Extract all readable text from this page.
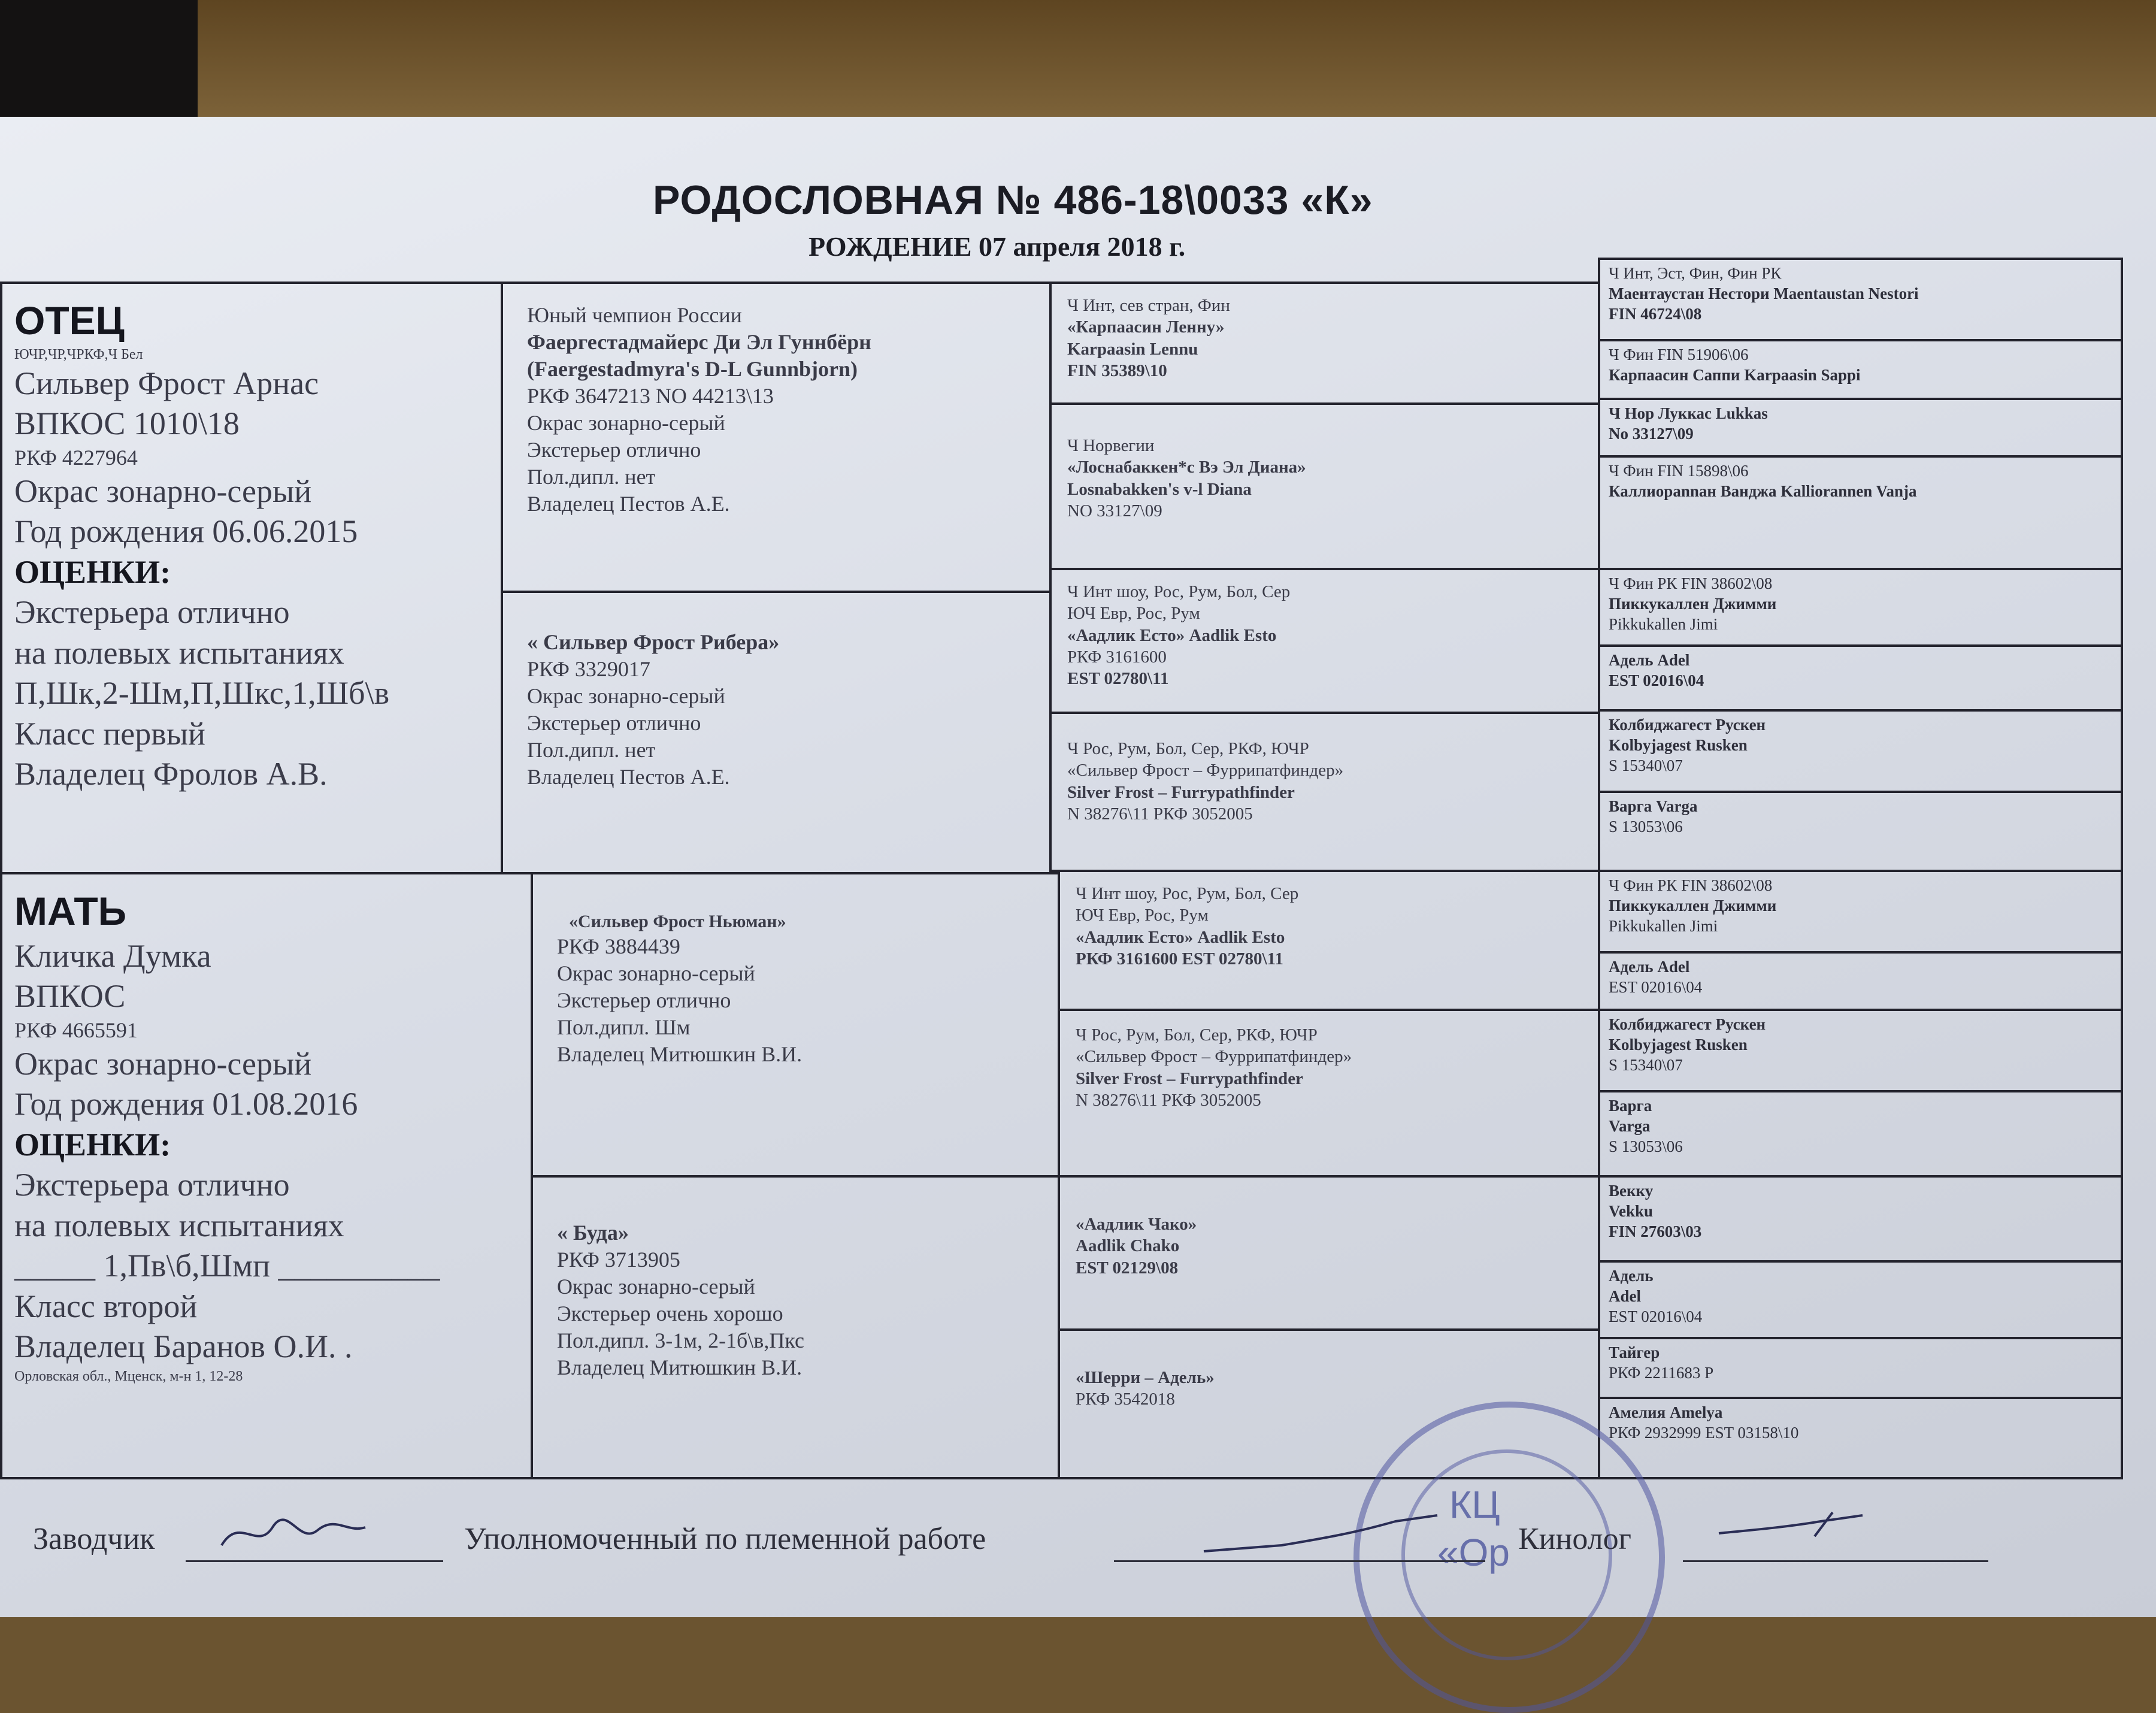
РОДОСЛОВНАЯ № 486-18\0033 «К»
РОЖДЕНИЕ 07 апреля 2018 г.
ОТЕЦ
ЮЧР,ЧР,ЧРКФ,Ч Бел
Сильвер Фрост Арнас
ВПКОС 1010\18
РКФ 4227964
Окрас зонарно-серый
Год рождения 06.06.2015
ОЦЕНКИ:
Экстерьера отлично
на полевых испытаниях
П,Шк,2-Шм,П,Шкс,1,Шб\в
Класс первый
Владелец Фролов А.В.
МАТЬ
Кличка Думка
ВПКОС
РКФ 4665591
Окрас зонарно-серый
Год рождения 01.08.2016
ОЦЕНКИ:
Экстерьера отлично
на полевых испытаниях
_____ 1,Пв\б,Шмп __________
Класс второй
Владелец Баранов О.И. .
Орловская обл., Мценск, м-н 1, 12-28
Юный чемпион России
Фаергестадмайерс Ди Эл Гуннбёрн
(Faergestadmyra's D-L Gunnbjorn)
РКФ 3647213 NO 44213\13
Окрас зонарно-серый
Экстерьер отлично
Пол.дипл. нет
Владелец Пестов А.Е.
« Сильвер Фрост Рибера»
РКФ 3329017
Окрас зонарно-серый
Экстерьер отлично
Пол.дипл. нет
Владелец Пестов А.Е.
«Сильвер Фрост Ньюман»
РКФ 3884439
Окрас зонарно-серый
Экстерьер отлично
Пол.дипл. Шм
Владелец Митюшкин В.И.
« Буда»
РКФ 3713905
Окрас зонарно-серый
Экстерьер очень хорошо
Пол.дипл. 3-1м, 2-1б\в,Пкс
Владелец Митюшкин В.И.
Ч Инт, сев стран, Фин
«Карпаасин Ленну»
Karpaasin Lennu
FIN 35389\10
Ч Норвегии
«Лоснабаккен*с Вэ Эл Диана»
Losnabakken's v-l Diana
NO 33127\09
Ч Инт шоу, Рос, Рум, Бол, Сер
ЮЧ Евр, Рос, Рум
«Аадлик Есто» Aadlik Esto
РКФ 3161600
EST 02780\11
Ч Рос, Рум, Бол, Сер, РКФ, ЮЧР
«Сильвер Фрост – Фуррипатфиндер»
Silver Frost – Furrypathfinder
N 38276\11 РКФ 3052005
Ч Инт шоу, Рос, Рум, Бол, Сер
ЮЧ Евр, Рос, Рум
«Аадлик Есто» Aadlik Esto
РКФ 3161600 EST 02780\11
Ч Рос, Рум, Бол, Сер, РКФ, ЮЧР
«Сильвер Фрост – Фуррипатфиндер»
Silver Frost – Furrypathfinder
N 38276\11 РКФ 3052005
«Аадлик Чако»
Aadlik Chako
EST 02129\08
«Шерри – Адель»
РКФ 3542018
Ч Инт, Эст, Фин, Фин РК
Маентаустан Нестори Maentaustan Nestori
FIN 46724\08
Ч Фин FIN 51906\06
Карпаасин Саппи Karpaasin Sappi
Ч Нор Луккас Lukkas
No 33127\09
Ч Фин FIN 15898\06
Каллиорannан Ванджа Kalliorannen Vanja
Ч Фин РК FIN 38602\08
Пиккукаллен Джимми
Pikkukallen Jimi
Адель Adel
EST 02016\04
Колбиджагест Рускен
Kolbyjagest Rusken
S 15340\07
Варга Varga
S 13053\06
Ч Фин РК FIN 38602\08
Пиккукаллен Джимми
Pikkukallen Jimi
Адель Adel
EST 02016\04
Колбиджагест Рускен
Kolbyjagest Rusken
S 15340\07
Варга
Varga
S 13053\06
Векку
Vekku
FIN 27603\03
Адель
Adel
EST 02016\04
Тайгер
РКФ 2211683 Р
Амелия Amelya
РКФ 2932999 EST 03158\10
КЦ
«Ор
Заводчик	Уполномоченный по племенной работе	Кинолог
